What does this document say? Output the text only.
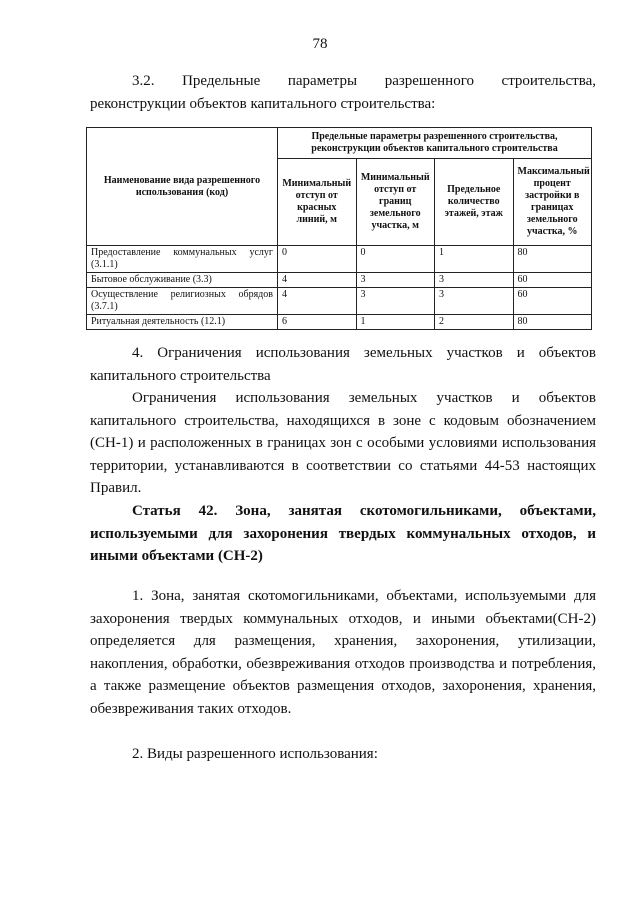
78

3.2. Предельные параметры разрешенного строительства, реконструкции объектов капитального строительства:

Наименование вида разрешенного использования (код)	Предельные параметры разрешенного строительства, реконструкции объектов капитального строительства			
	Минимальный отступ от красных линий, м	Минимальный отступ от границ земельного участка, м	Предельное количество этажей, этаж	Максимальный процент застройки в границах земельного участка, %
Предоставление коммунальных услуг (3.1.1)	0	0	1	80
Бытовое обслуживание (3.3)	4	3	3	60
Осуществление религиозных обрядов (3.7.1)	4	3	3	60
Ритуальная деятельность (12.1)	6	1	2	80

4. Ограничения использования земельных участков и объектов капитального строительства

Ограничения использования земельных участков и объектов капитального строительства, находящихся в зоне с кодовым обозначением (СН-1) и расположенных в границах зон с особыми условиями использования территории, устанавливаются в соответствии со статьями 44-53 настоящих Правил.

Статья 42. Зона, занятая скотомогильниками, объектами, используемыми для захоронения твердых коммунальных отходов, и иными объектами (СН-2)

1. Зона, занятая скотомогильниками, объектами, используемыми для захоронения твердых коммунальных отходов, и иными объектами(СН-2) определяется для размещения, хранения, захоронения, утилизации, накопления, обработки, обезвреживания отходов производства и потребления, а также размещение объектов размещения отходов, захоронения, хранения, обезвреживания таких отходов.

2. Виды разрешенного использования:
